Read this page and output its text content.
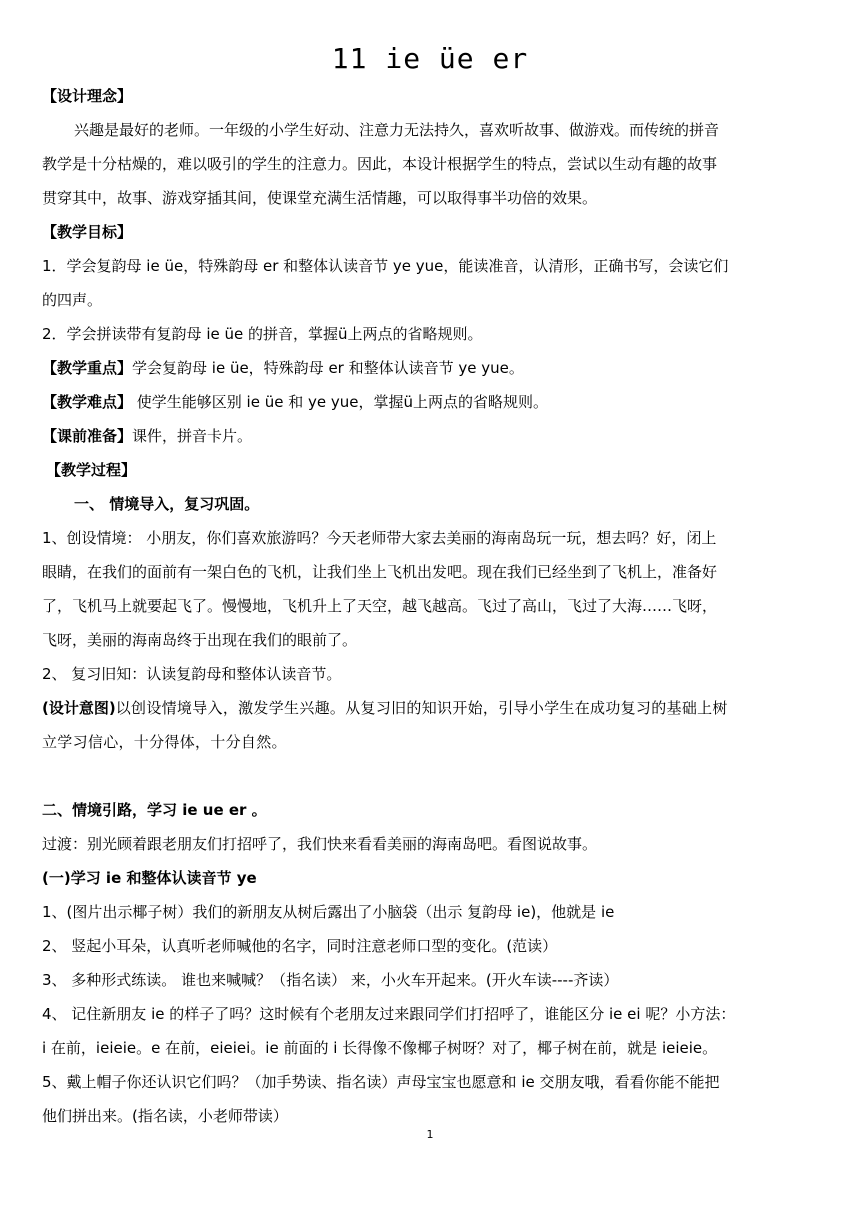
11 ie üe er
【设计理念】
兴趣是最好的老师。一年级的小学生好动、注意力无法持久，喜欢听故事、做游戏。而传统的拼音
教学是十分枯燥的，难以吸引的学生的注意力。因此，本设计根据学生的特点，尝试以生动有趣的故事
贯穿其中，故事、游戏穿插其间，使课堂充满生活情趣，可以取得事半功倍的效果。
【教学目标】
1．学会复韵母 ie üe，特殊韵母 er 和整体认读音节 ye yue，能读准音，认清形，正确书写，会读它们
的四声。
2．学会拼读带有复韵母 ie üe 的拼音，掌握ü上两点的省略规则。
【教学重点】学会复韵母 ie üe，特殊韵母 er 和整体认读音节 ye yue。
【教学难点】 使学生能够区别 ie üe 和 ye yue，掌握ü上两点的省略规则。
【课前准备】课件，拼音卡片。
【教学过程】
一、 情境导入，复习巩固。
1、创设情境： 小朋友，你们喜欢旅游吗？今天老师带大家去美丽的海南岛玩一玩，想去吗？好，闭上
眼睛，在我们的面前有一架白色的飞机，让我们坐上飞机出发吧。现在我们已经坐到了飞机上，准备好
了，飞机马上就要起飞了。慢慢地，飞机升上了天空，越飞越高。飞过了高山，飞过了大海……飞呀，
飞呀，美丽的海南岛终于出现在我们的眼前了。
2、 复习旧知：认读复韵母和整体认读音节。
(设计意图)以创设情境导入，激发学生兴趣。从复习旧的知识开始，引导小学生在成功复习的基础上树
立学习信心，十分得体，十分自然。
二、情境引路，学习 ie ue er 。
过渡：别光顾着跟老朋友们打招呼了，我们快来看看美丽的海南岛吧。看图说故事。
(一)学习 ie 和整体认读音节 ye
1、(图片出示椰子树）我们的新朋友从树后露出了小脑袋（出示 复韵母 ie)，他就是 ie
2、 竖起小耳朵，认真听老师喊他的名字，同时注意老师口型的变化。(范读）
3、 多种形式练读。 谁也来喊喊？（指名读） 来，小火车开起来。(开火车读----齐读）
4、 记住新朋友 ie 的样子了吗？这时候有个老朋友过来跟同学们打招呼了，谁能区分 ie ei 呢？小方法：
i 在前，ieieie。e 在前，eieiei。ie 前面的 i 长得像不像椰子树呀？对了，椰子树在前，就是 ieieie。
5、戴上帽子你还认识它们吗？（加手势读、指名读）声母宝宝也愿意和 ie 交朋友哦，看看你能不能把
他们拼出来。(指名读，小老师带读）
1
